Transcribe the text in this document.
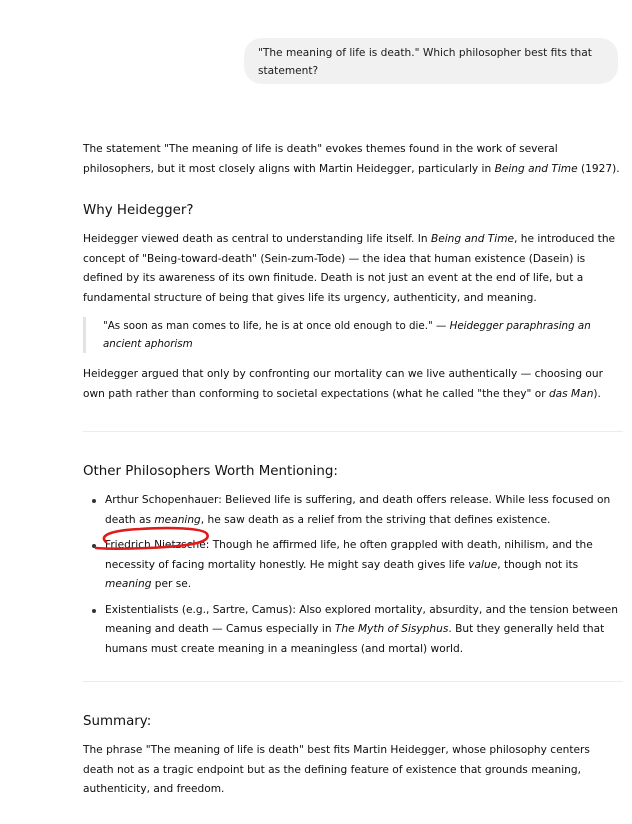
"The meaning of life is death." Which philosopher best fits that statement?

The statement "The meaning of life is death" evokes themes found in the work of several philosophers, but it most closely aligns with Martin Heidegger, particularly in Being and Time (1927).

Why Heidegger?

Heidegger viewed death as central to understanding life itself. In Being and Time, he introduced the concept of "Being-toward-death" (Sein-zum-Tode) — the idea that human existence (Dasein) is defined by its awareness of its own finitude. Death is not just an event at the end of life, but a fundamental structure of being that gives life its urgency, authenticity, and meaning.

"As soon as man comes to life, he is at once old enough to die." — Heidegger paraphrasing an ancient aphorism

Heidegger argued that only by confronting our mortality can we live authentically — choosing our own path rather than conforming to societal expectations (what he called "the they" or das Man).

Other Philosophers Worth Mentioning:
Arthur Schopenhauer: Believed life is suffering, and death offers release. While less focused on death as meaning, he saw death as a relief from the striving that defines existence.
Friedrich Nietzsche: Though he affirmed life, he often grappled with death, nihilism, and the necessity of facing mortality honestly. He might say death gives life value, though not its meaning per se.
Existentialists (e.g., Sartre, Camus): Also explored mortality, absurdity, and the tension between meaning and death — Camus especially in The Myth of Sisyphus. But they generally held that humans must create meaning in a meaningless (and mortal) world.
Summary:

The phrase "The meaning of life is death" best fits Martin Heidegger, whose philosophy centers death not as a tragic endpoint but as the defining feature of existence that grounds meaning, authenticity, and freedom.
